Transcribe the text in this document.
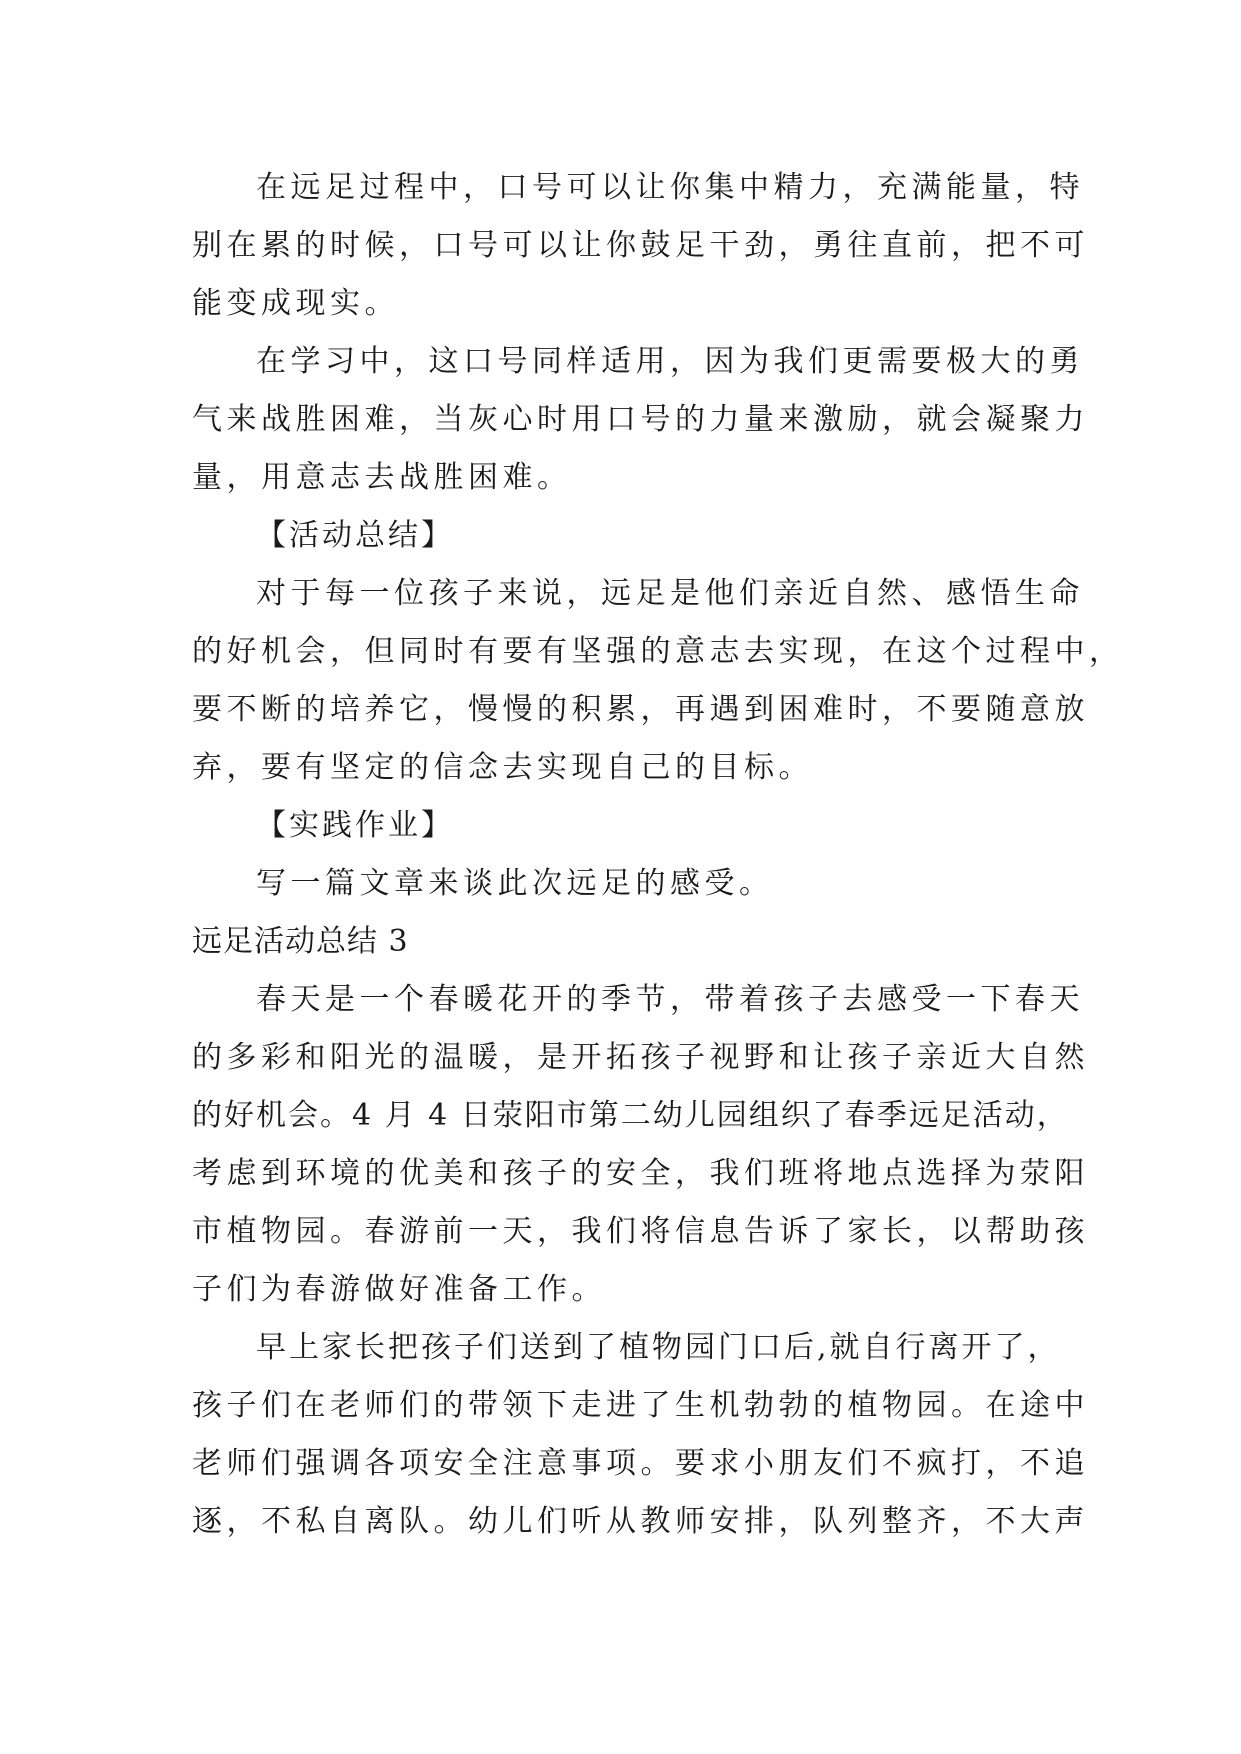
在远足过程中，口号可以让你集中精力，充满能量，特
别在累的时候，口号可以让你鼓足干劲，勇往直前，把不可
能变成现实。
在学习中，这口号同样适用，因为我们更需要极大的勇
气来战胜困难，当灰心时用口号的力量来激励，就会凝聚力
量，用意志去战胜困难。
【活动总结】
对于每一位孩子来说，远足是他们亲近自然、感悟生命
的好机会，但同时有要有坚强的意志去实现，在这个过程中，
要不断的培养它，慢慢的积累，再遇到困难时，不要随意放
弃，要有坚定的信念去实现自己的目标。
【实践作业】
写一篇文章来谈此次远足的感受。
远足活动总结 3
春天是一个春暖花开的季节，带着孩子去感受一下春天
的多彩和阳光的温暖，是开拓孩子视野和让孩子亲近大自然
的好机会。4 月 4 日荥阳市第二幼儿园组织了春季远足活动，
考虑到环境的优美和孩子的安全，我们班将地点选择为荥阳
市植物园。春游前一天，我们将信息告诉了家长，以帮助孩
子们为春游做好准备工作。
早上家长把孩子们送到了植物园门口后,就自行离开了，
孩子们在老师们的带领下走进了生机勃勃的植物园。在途中
老师们强调各项安全注意事项。要求小朋友们不疯打，不追
逐，不私自离队。幼儿们听从教师安排，队列整齐，不大声
